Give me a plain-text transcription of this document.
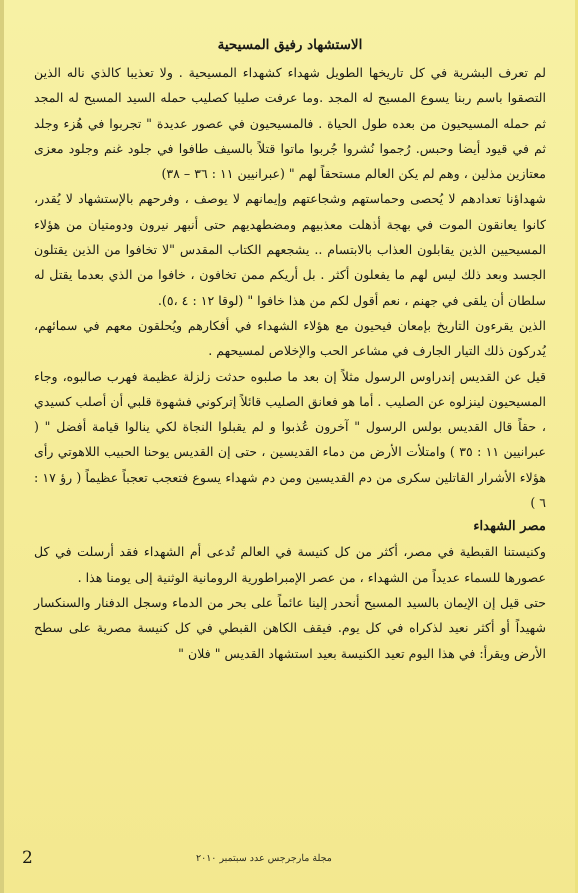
الاستشهاد رفيق المسيحية

لم تعرف البشرية في كل تاريخها الطويل شهداء كشهداء المسيحية . ولا تعذيبا كالذي ناله الذين التصقوا باسم ربنا يسوع المسيح له المجد .وما عرفت صليبا كصليب حمله السيد المسيح له المجد ثم حمله المسيحيون من بعده طول الحياة . فالمسيحيون في عصور عديدة " تجربوا في هُزء وجلد ثم في قيود أيضا وحبس. رُجموا نُشروا جُربوا ماتوا قتلاً بالسيف طافوا في جلود غنم وجلود معزى معتازين مذلين ، وهم لم يكن العالم مستحقاً لهم " (عبرانيين ١١ : ٣٦ – ٣٨)

شهداؤنا تعدادهم لا يُحصى وحماستهم وشجاعتهم وإيمانهم لا يوصف ، وفرحهم بالإستشهاد لا يُقدر، كانوا يعانقون الموت في بهجة أذهلت معذبيهم ومضطهديهم حتى أنبهر نيرون ودومتيان من هؤلاء المسيحيين الذين يقابلون العذاب بالابتسام .. يشجعهم الكتاب المقدس "لا تخافوا من الذين يقتلون الجسد وبعد ذلك ليس لهم ما يفعلون أكثر . بل أريكم ممن تخافون ، خافوا من الذي بعدما يقتل له سلطان أن يلقى في جهنم ، نعم أقول لكم من هذا خافوا " (لوقا ١٢ : ٤ ،٥).

الذين يقرءون التاريخ بإمعان فيحيون مع هؤلاء الشهداء في أفكارهم ويُحلقون معهم في سمائهم، يُدركون ذلك التيار الجارف في مشاعر الحب والإخلاص لمسيحهم .

قيل عن القديس إندراوس الرسول مثلاً إن بعد ما صلبوه حدثت زلزلة عظيمة فهرب صالبوه، وجاء المسيحيون لينزلوه عن الصليب . أما هو فعانق الصليب قائلاً إتركوني فشهوة قلبي أن أصلب كسيدي ، حقاً قال القديس بولس الرسول " آخرون عُذبوا و لم يقبلوا النجاة لكي ينالوا قيامة أفضل " ( عبرانيين ١١ : ٣٥ ) وامتلأت الأرض من دماء القديسين ، حتى إن القديس يوحنا الحبيب اللاهوتي رأى هؤلاء الأشرار القاتلين سكرى من دم القديسين ومن دم شهداء يسوع فتعجب تعجباً عظيماً ( رؤ ١٧ : ٦ )

مصر الشهداء

وكنيستنا القبطية في مصر، أكثر من كل كنيسة في العالم تُدعى أم الشهداء فقد أرسلت في كل عصورها للسماء عديداً من الشهداء ، من عصر الإمبراطورية الرومانية الوثنية إلى يومنا هذا .

حتى قيل إن الإيمان بالسيد المسيح أنحدر إلينا عائماً على بحر من الدماء وسجل الدفنار والسنكسار شهيداً أو أكثر نعيد لذكراه في كل يوم. فيقف الكاهن القبطي في كل كنيسة مصرية على سطح الأرض ويقرأ: في هذا اليوم تعيد الكنيسة بعيد استشهاد القديس " فلان "

2	مجلة مارجرجس عدد سبتمبر ٢٠١٠
